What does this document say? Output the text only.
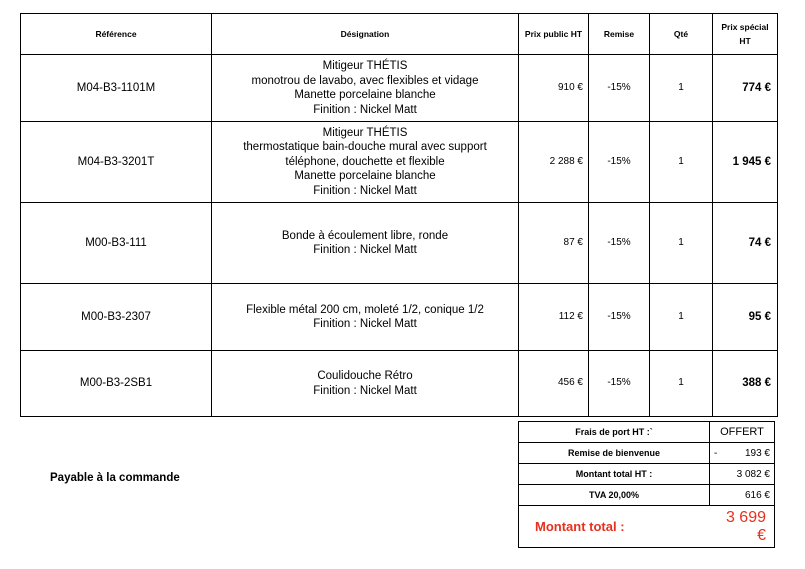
Référence	Désignation	Prix public HT	Remise	Qté	Prix spécial HT
M04-B3-1101M	Mitigeur THÉTIS
monotrou de lavabo, avec flexibles et vidage
Manette porcelaine blanche
Finition : Nickel Matt	910 €	-15%	1	774 €
M04-B3-3201T	Mitigeur THÉTIS
thermostatique bain-douche mural avec support
téléphone, douchette et flexible
Manette porcelaine blanche
Finition : Nickel Matt	2 288 €	-15%	1	1 945 €
M00-B3-111	Bonde à écoulement libre, ronde
Finition : Nickel Matt	87 €	-15%	1	74 €
M00-B3-2307	Flexible métal 200 cm, moleté 1/2, conique 1/2
Finition : Nickel Matt	112 €	-15%	1	95 €
M00-B3-2SB1	Coulidouche Rétro
Finition : Nickel Matt	456 €	-15%	1	388 €
Payable à la commande
Frais de port HT :`	OFFERT
Remise de bienvenue	- 193 €
Montant total HT :	3 082 €
TVA 20,00%	616 €
Montant total :	3 699 €
